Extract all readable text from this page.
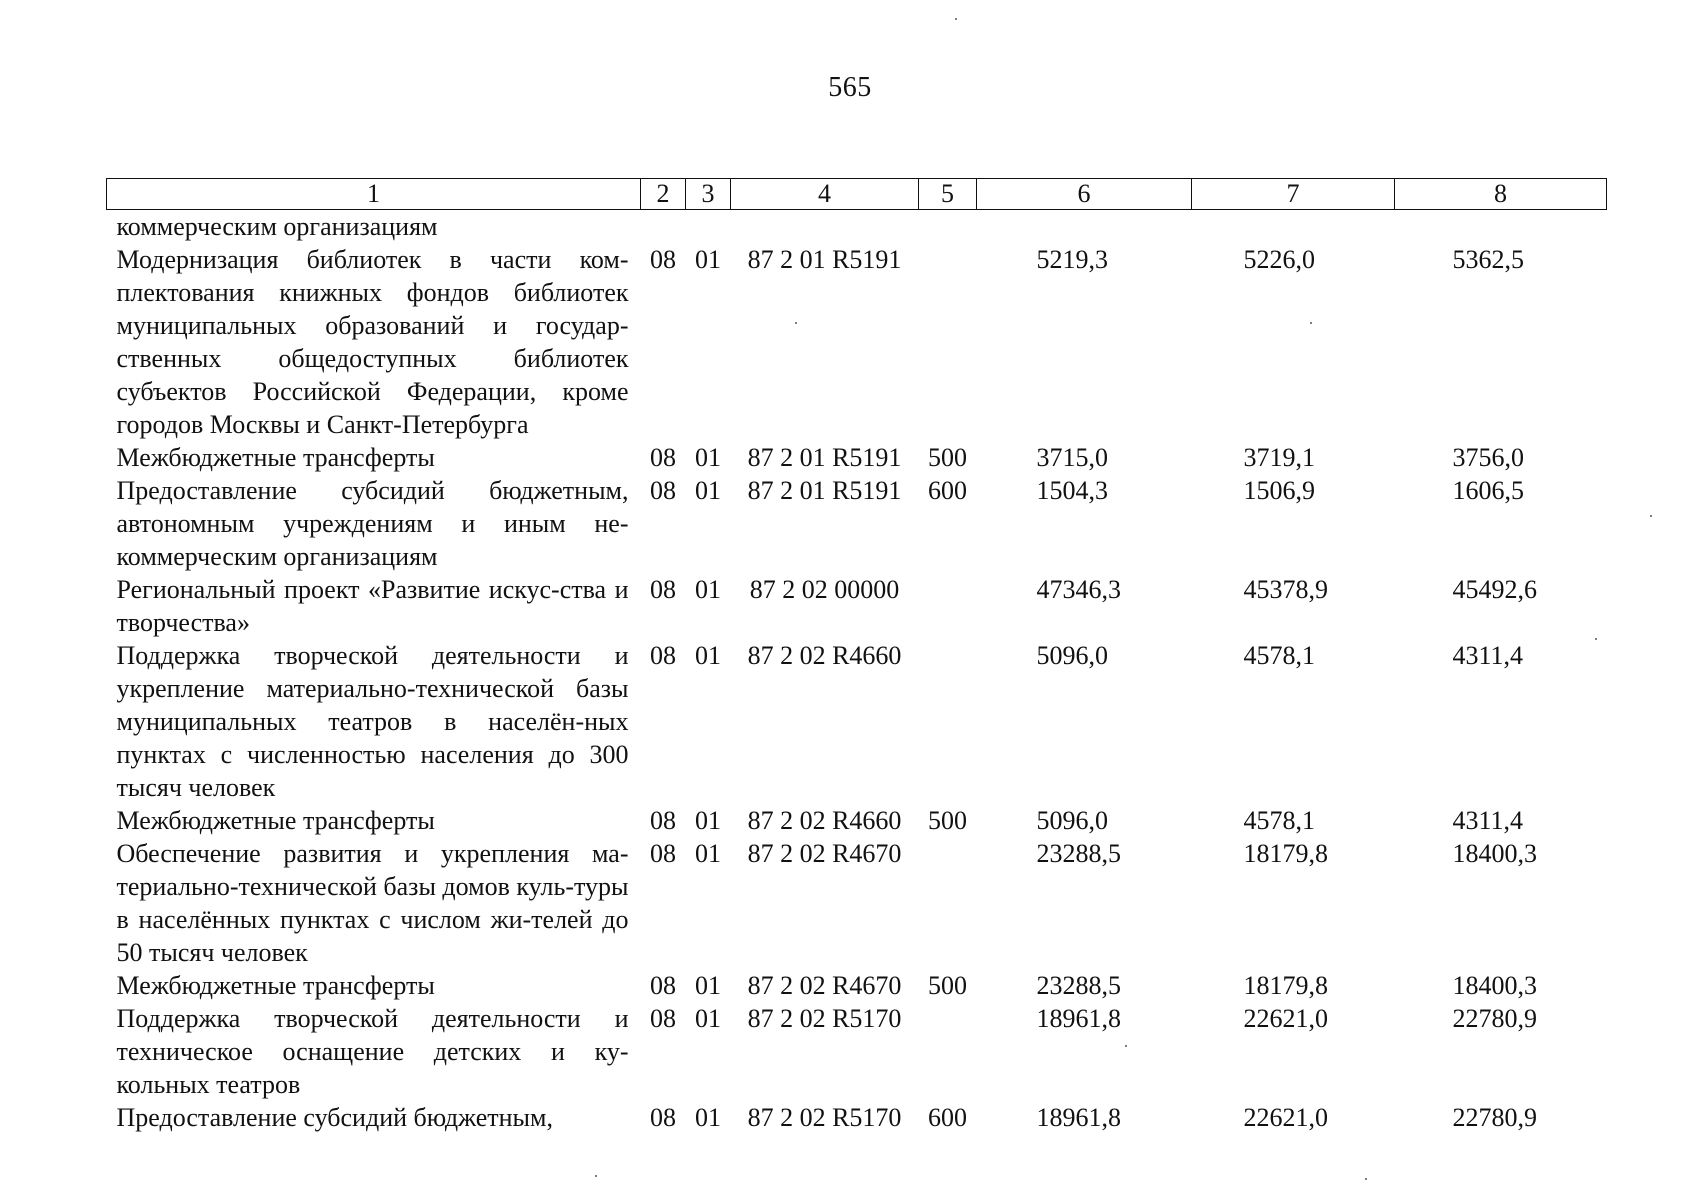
565
1	2	3	4	5	6	7	8
коммерческим организациям							
Модернизация библиотек в части ком-плектования книжных фондов библиотек муниципальных образований и государ-ственных общедоступных библиотек субъектов Российской Федерации, кроме городов Москвы и Санкт-Петербурга	08	01	87 2 01 R5191		5219,3	5226,0	5362,5
Межбюджетные трансферты	08	01	87 2 01 R5191	500	3715,0	3719,1	3756,0
Предоставление субсидий бюджетным, автономным учреждениям и иным не-коммерческим организациям	08	01	87 2 01 R5191	600	1504,3	1506,9	1606,5
Региональный проект «Развитие искус-ства и творчества»	08	01	87 2 02 00000		47346,3	45378,9	45492,6
Поддержка творческой деятельности и укрепление материально-технической базы муниципальных театров в населён-ных пунктах с численностью населения до 300 тысяч человек	08	01	87 2 02 R4660		5096,0	4578,1	4311,4
Межбюджетные трансферты	08	01	87 2 02 R4660	500	5096,0	4578,1	4311,4
Обеспечение развития и укрепления ма-териально-технической базы домов куль-туры в населённых пунктах с числом жи-телей до 50 тысяч человек	08	01	87 2 02 R4670		23288,5	18179,8	18400,3
Межбюджетные трансферты	08	01	87 2 02 R4670	500	23288,5	18179,8	18400,3
Поддержка творческой деятельности и техническое оснащение детских и ку-кольных театров	08	01	87 2 02 R5170		18961,8	22621,0	22780,9
Предоставление субсидий бюджетным,	08	01	87 2 02 R5170	600	18961,8	22621,0	22780,9
